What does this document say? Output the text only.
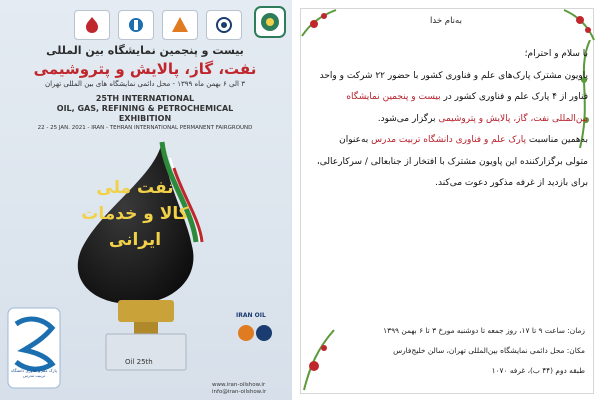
بیست و پنجمین نمایشگاه بین المللی
نفت، گاز، پالایش و پتروشیمی
۳ الی ۶ بهمن ماه ۱۳۹۹ - محل دائمی نمایشگاه های بین المللی تهران
25TH INTERNATIONAL
OIL, GAS, REFINING & PETROCHEMICAL
EXHIBITION
22 - 25 JAN. 2021 - IRAN - TEHRAN INTERNATIONAL PERMANENT FAIRGROUND
نفت ملی
کالا و خدمات
ایرانی
Oil 25th
پارک علم و فناوری دانشگاه تربیت مدرس
IRAN OIL
www.iran-oilshow.ir
info@iran-oilshow.ir
به‌نام خدا

با سلام و احترام؛

پاویون مشترک پارک‌های علم و فناوری کشور با حضور ۲۲ شرکت و واحد فناور از ۴ پارک علم و فناوری کشور در بیست و پنجمین نمایشگاه بین‌المللی نفت، گاز، پالایش و پتروشیمی برگزار می‌شود.

به‌همین مناسبت پارک علم و فناوری دانشگاه تربیت مدرس به‌عنوان متولی برگزارکننده این پاویون مشترک با افتخار از جنابعالی / سرکارعالی، برای بازدید از غرفه مذکور دعوت می‌کند.

زمان: ساعت ۹ تا ۱۷، روز جمعه تا دوشنبه مورخ ۳ تا ۶ بهمن ۱۳۹۹
مکان: محل دائمی نمایشگاه بین‌المللی تهران، سالن خلیج‌فارس
طبقه دوم (۴۴ ب)، غرفه ۱۰۷۰
